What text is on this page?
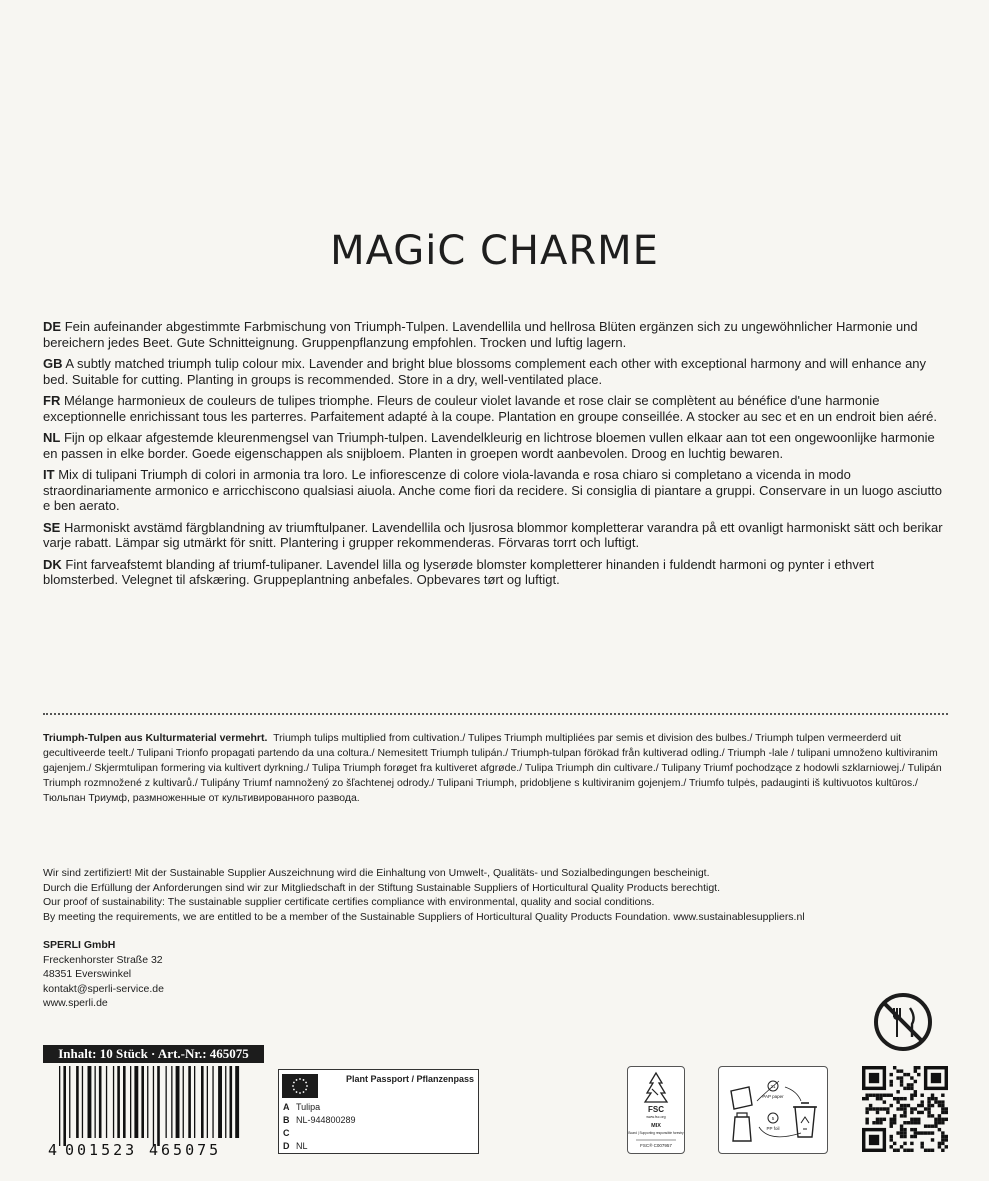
MAGiC CHARME

DE Fein aufeinander abgestimmte Farbmischung von Triumph-Tulpen. Lavendellila und hellrosa Blüten ergänzen sich zu ungewöhnlicher Harmonie und bereichern jedes Beet. Gute Schnitteignung. Gruppenpflanzung empfohlen. Trocken und luftig lagern.

GB A subtly matched triumph tulip colour mix. Lavender and bright blue blossoms complement each other with exceptional harmony and will enhance any bed. Suitable for cutting. Planting in groups is recommended. Store in a dry, well-ventilated place.

FR Mélange harmonieux de couleurs de tulipes triomphe. Fleurs de couleur violet lavande et rose clair se complètent au bénéfice d'une harmonie exceptionnelle enrichissant tous les parterres. Parfaitement adapté à la coupe. Plantation en groupe conseillée. A stocker au sec et en un endroit bien aéré.

NL Fijn op elkaar afgestemde kleurenmengsel van Triumph-tulpen. Lavendelkleurig en lichtrose bloemen vullen elkaar aan tot een ongewoonlijke harmonie en passen in elke border. Goede eigenschappen als snijbloem. Planten in groepen wordt aanbevolen. Droog en luchtig bewaren.

IT Mix di tulipani Triumph di colori in armonia tra loro. Le infiorescenze di colore viola-lavanda e rosa chiaro si completano a vicenda in modo straordinariamente armonico e arricchiscono qualsiasi aiuola. Anche come fiori da recidere. Si consiglia di piantare a gruppi. Conservare in un luogo asciutto e ben aerato.

SE Harmoniskt avstämd färgblandning av triumftulpaner. Lavendellila och ljusrosa blommor kompletterar varandra på ett ovanligt harmoniskt sätt och berikar varje rabatt. Lämpar sig utmärkt för snitt. Plantering i grupper rekommenderas. Förvaras torrt och luftigt.

DK Fint farveafstemt blanding af triumf-tulipaner. Lavendel lilla og lyserøde blomster kompletterer hinanden i fuldendt harmoni og pynter i ethvert blomsterbed. Velegnet til afskæring. Gruppeplantning anbefales. Opbevares tørt og luftigt.

Triumph-Tulpen aus Kulturmaterial vermehrt. Triumph tulips multiplied from cultivation./ Tulipes Triumph multipliées par semis et division des bulbes./ Triumph tulpen vermeerderd uit gecultiveerde teelt./ Tulipani Trionfo propagati partendo da una coltura./ Nemesitett Triumph tulipán./ Triumph-tulpan förökad från kultiverad odling./ Triumph -lale / tulipani umnoženo kultiviranim gajenjem./ Skjermtulipan formering via kultivert dyrkning./ Tulipa Triumph forøget fra kultiveret afgrøde./ Tulipa Triumph din cultivare./ Tulipany Triumf pochodzące z hodowli szklarniowej./ Tulipán Triumph rozmnožené z kultivarů./ Tulipány Triumf namnožený zo šľachtenej odrody./ Tulipani Triumph, pridobljene s kultiviranim gojenjem./ Triumfo tulpės, padauginti iš kultivuotos kultūros./ Тюльпан Триумф, размноженные от культивированного развода.
Wir sind zertifiziert! Mit der Sustainable Supplier Auszeichnung wird die Einhaltung von Umwelt-, Qualitäts- und Sozialbedingungen bescheinigt.
Durch die Erfüllung der Anforderungen sind wir zur Mitgliedschaft in der Stiftung Sustainable Suppliers of Horticultural Quality Products berechtigt.
Our proof of sustainability: The sustainable supplier certificate certifies compliance with environmental, quality and social conditions.
By meeting the requirements, we are entitled to be a member of the Sustainable Suppliers of Horticultural Quality Products Foundation. www.sustainablesuppliers.nl
SPERLI GmbH
Freckenhorster Straße 32
48351 Everswinkel
kontakt@sperli-service.de
www.sperli.de
Inhalt: 10 Stück · Art.-Nr.: 465075
4 001523 465075
Plant Passport / Pflanzenpass
A Tulipa
B NL-944800289
C
D NL
FSC
www.fsc.org
MIX
Board | Supporting responsible forestry
FSC® C007957
21
PAP paper
5
PP foil
